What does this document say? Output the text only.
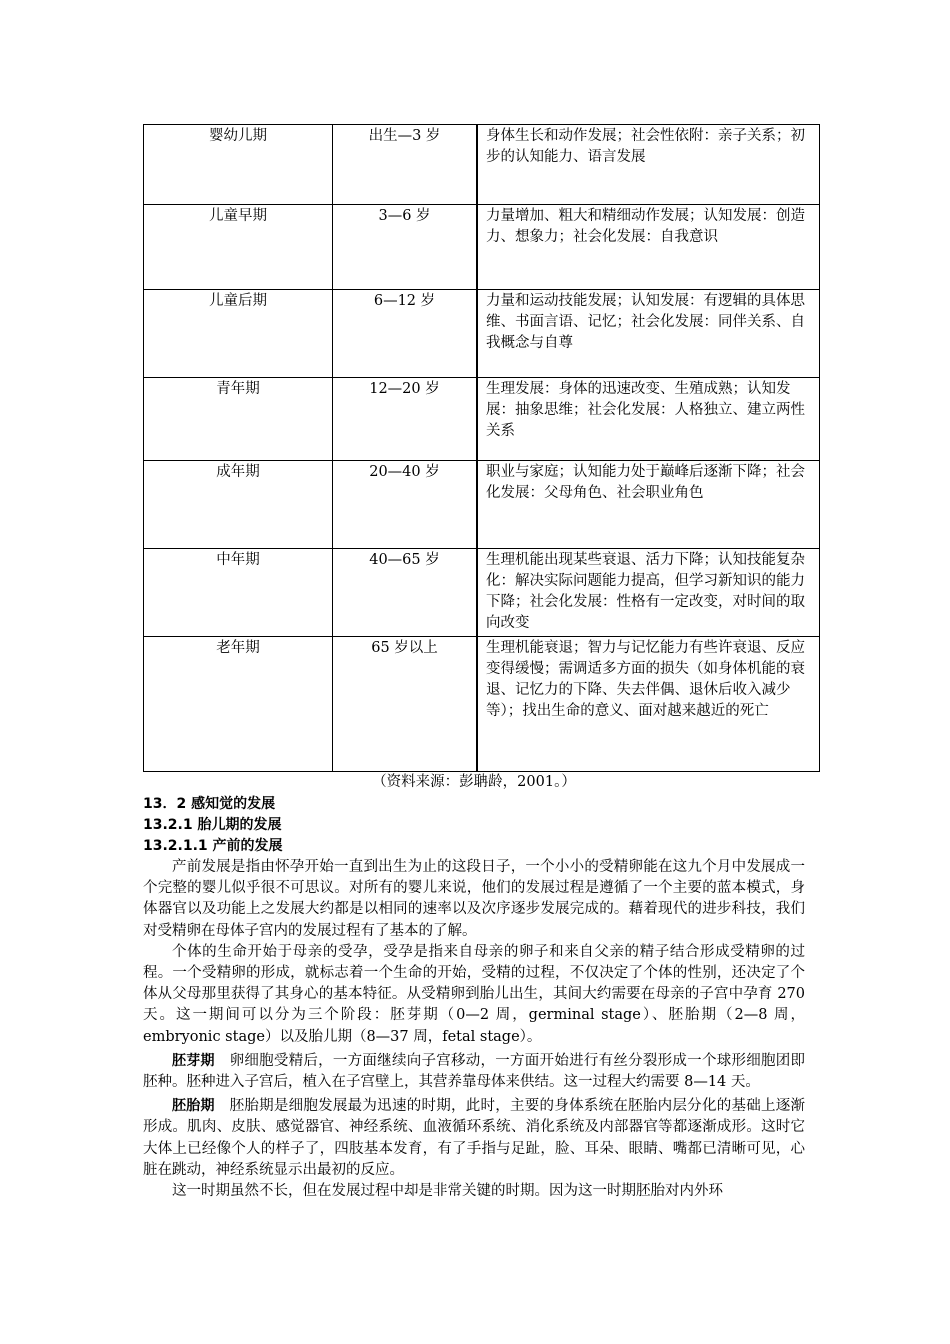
婴幼儿期	出生—3 岁	身体生长和动作发展；社会性依附：亲子关系；初步的认知能力、语言发展
儿童早期	3—6 岁	力量增加、粗大和精细动作发展；认知发展：创造力、想象力；社会化发展：自我意识
儿童后期	6—12 岁	力量和运动技能发展；认知发展：有逻辑的具体思维、书面言语、记忆；社会化发展：同伴关系、自我概念与自尊
青年期	12—20 岁	生理发展：身体的迅速改变、生殖成熟；认知发展：抽象思维；社会化发展：人格独立、建立两性关系
成年期	20—40 岁	职业与家庭；认知能力处于巅峰后逐渐下降；社会化发展：父母角色、社会职业角色
中年期	40—65 岁	生理机能出现某些衰退、活力下降；认知技能复杂化：解决实际问题能力提高，但学习新知识的能力下降；社会化发展：性格有一定改变，对时间的取向改变
老年期	65 岁以上	生理机能衰退；智力与记忆能力有些许衰退、反应变得缓慢；需调适多方面的损失（如身体机能的衰退、记忆力的下降、失去伴偶、退休后收入减少等）；找出生命的意义、面对越来越近的死亡
（资料来源：彭聃龄，2001。）
13．2 感知觉的发展
13.2.1 胎儿期的发展
13.2.1.1 产前的发展

产前发展是指由怀孕开始一直到出生为止的这段日子，一个小小的受精卵能在这九个月中发展成一个完整的婴儿似乎很不可思议。对所有的婴儿来说，他们的发展过程是遵循了一个主要的蓝本模式，身体器官以及功能上之发展大约都是以相同的速率以及次序逐步发展完成的。藉着现代的进步科技，我们对受精卵在母体子宫内的发展过程有了基本的了解。

个体的生命开始于母亲的受孕，受孕是指来自母亲的卵子和来自父亲的精子结合形成受精卵的过程。一个受精卵的形成，就标志着一个生命的开始，受精的过程，不仅决定了个体的性别，还决定了个体从父母那里获得了其身心的基本特征。从受精卵到胎儿出生，其间大约需要在母亲的子宫中孕育 270 天。这一期间可以分为三个阶段：胚芽期（0—2 周，germinal stage）、胚胎期（2—8 周，embryonic stage）以及胎儿期（8—37 周，fetal stage）。

胚芽期　 卵细胞受精后，一方面继续向子宫移动，一方面开始进行有丝分裂形成一个球形细胞团即胚种。胚种进入子宫后，植入在子宫壁上，其营养靠母体来供结。这一过程大约需要 8—14 天。

胚胎期　 胚胎期是细胞发展最为迅速的时期，此时，主要的身体系统在胚胎内层分化的基础上逐渐形成。肌肉、皮肤、感觉器官、神经系统、血液循环系统、消化系统及内部器官等都逐渐成形。这时它大体上已经像个人的样子了，四肢基本发育，有了手指与足趾，脸、耳朵、眼睛、嘴都已清晰可见，心脏在跳动，神经系统显示出最初的反应。

这一时期虽然不长，但在发展过程中却是非常关键的时期。因为这一时期胚胎对内外环
